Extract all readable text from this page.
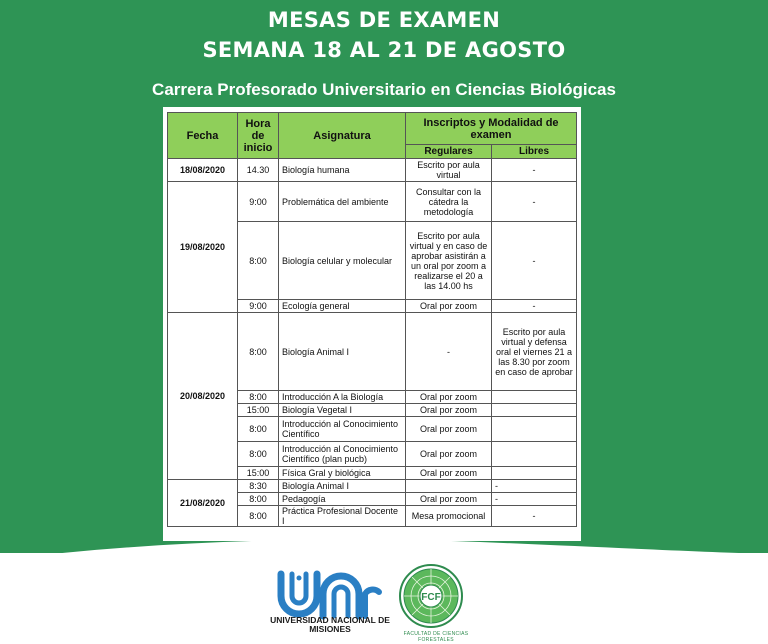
MESAS DE EXAMEN
SEMANA 18 AL 21 DE AGOSTO
Carrera Profesorado Universitario en Ciencias Biológicas
Fecha	Hora de inicio	Asignatura	Inscriptos y Modalidad de examen	
			Regulares	Libres
18/08/2020	14.30	Biología humana	Escrito por aula virtual	-
19/08/2020	9:00	Problemática del ambiente	Consultar con la cátedra la metodología	-
	8:00	Biología celular y molecular	Escrito por aula virtual y en caso de aprobar asistirán a un oral por zoom a realizarse el 20 a las 14.00 hs	-
	9:00	Ecología general	Oral por zoom	-
20/08/2020	8:00	Biología Animal I	-	Escrito por aula virtual y defensa oral el viernes 21 a las 8.30 por zoom en caso de aprobar
	8:00	Introducción A la Biología	Oral por zoom	
	15:00	Biología Vegetal I	Oral por zoom	
	8:00	Introducción al Conocimiento Científico	Oral por zoom	
	8:00	Introducción al Conocimiento Científico (plan pucb)	Oral por zoom	
	15:00	Física Gral y biológica	Oral por zoom	
21/08/2020	8:30	Biología Animal I		-
	8:00	Pedagogía	Oral por zoom	-
	8:00	Práctica Profesional Docente I	Mesa promocional	-
UNIVERSIDAD NACIONAL DE MISIONES
FCF
FACULTAD DE CIENCIAS FORESTALES
